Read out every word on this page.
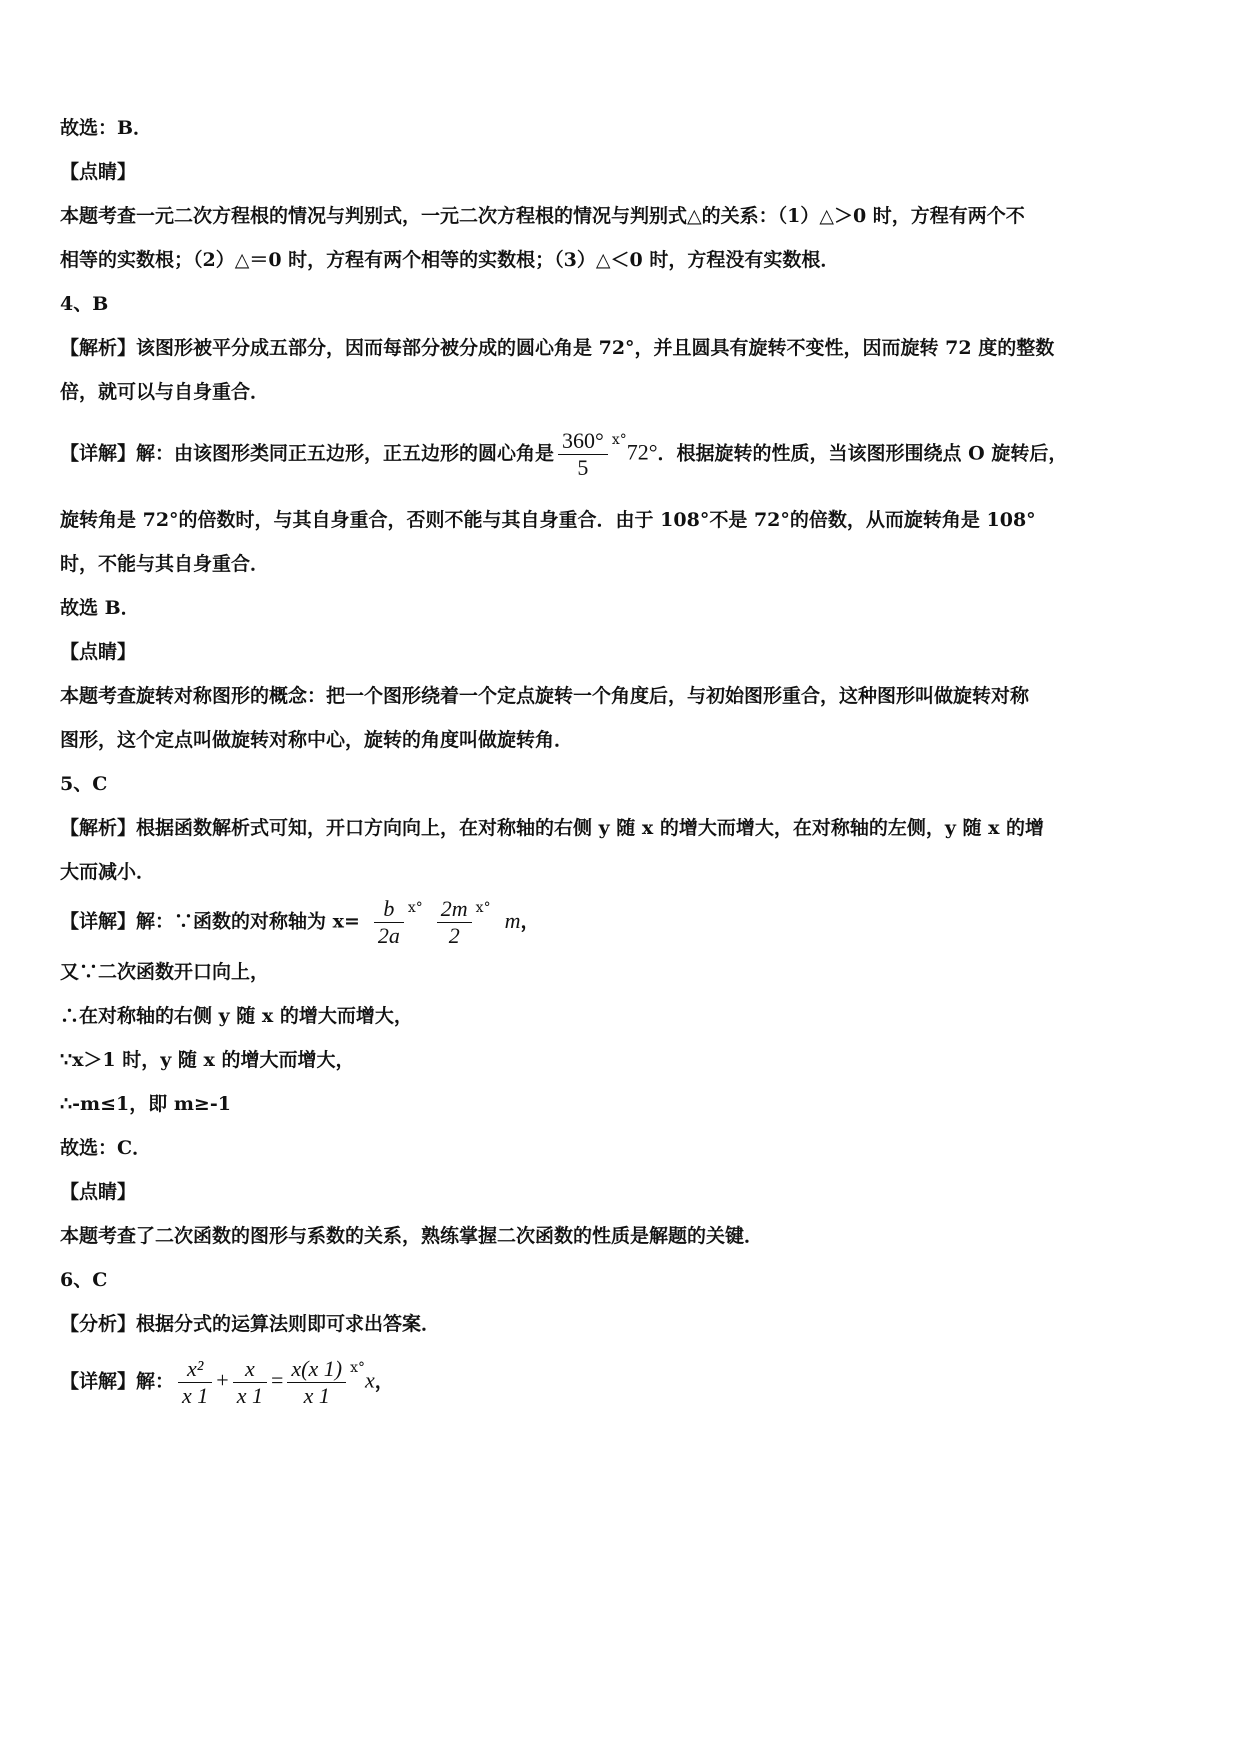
故选：B．
【点睛】
本题考查一元二次方程根的情况与判别式，一元二次方程根的情况与判别式△的关系：（1）△＞0 时，方程有两个不
相等的实数根；（2）△＝0 时，方程有两个相等的实数根；（3）△＜0 时，方程没有实数根．
4、B
【解析】该图形被平分成五部分，因而每部分被分成的圆心角是 72°，并且圆具有旋转不变性，因而旋转 72 度的整数
倍，就可以与自身重合．
【详解】解：由该图形类同正五边形，正五边形的圆心角是 $\frac{360^\circ}{5} ^{ⅹ^\circ}72^\circ$．根据旋转的性质，当该图形围绕点 O 旋转后，
旋转角是 72°的倍数时，与其自身重合，否则不能与其自身重合．由于 108°不是 72°的倍数，从而旋转角是 108°
时，不能与其自身重合．
故选 B．
【点睛】
本题考查旋转对称图形的概念：把一个图形绕着一个定点旋转一个角度后，与初始图形重合，这种图形叫做旋转对称
图形，这个定点叫做旋转对称中心，旋转的角度叫做旋转角．
5、C
【解析】根据函数解析式可知，开口方向向上，在对称轴的右侧 y 随 x 的增大而增大，在对称轴的左侧，y 随 x 的增
大而减小．
【详解】解：∵函数的对称轴为 $x= \frac{b}{2a} ^{ⅹ^\circ} \frac{2m}{2} ^{ⅹ^\circ}$ m，
又∵二次函数开口向上，
∴在对称轴的右侧 y 随 x 的增大而增大，
∵x＞1 时，y 随 x 的增大而增大，
∴-m≤1，即 m≥-1
故选：C．
【点睛】
本题考查了二次函数的图形与系数的关系，熟练掌握二次函数的性质是解题的关键．
6、C
【分析】根据分式的运算法则即可求出答案．
【详解】解： $\frac{\text{x²}}{x 1} + \frac{x}{x 1} = \frac{x(x 1)}{x 1} ^{ⅹ^\circ}x$，
